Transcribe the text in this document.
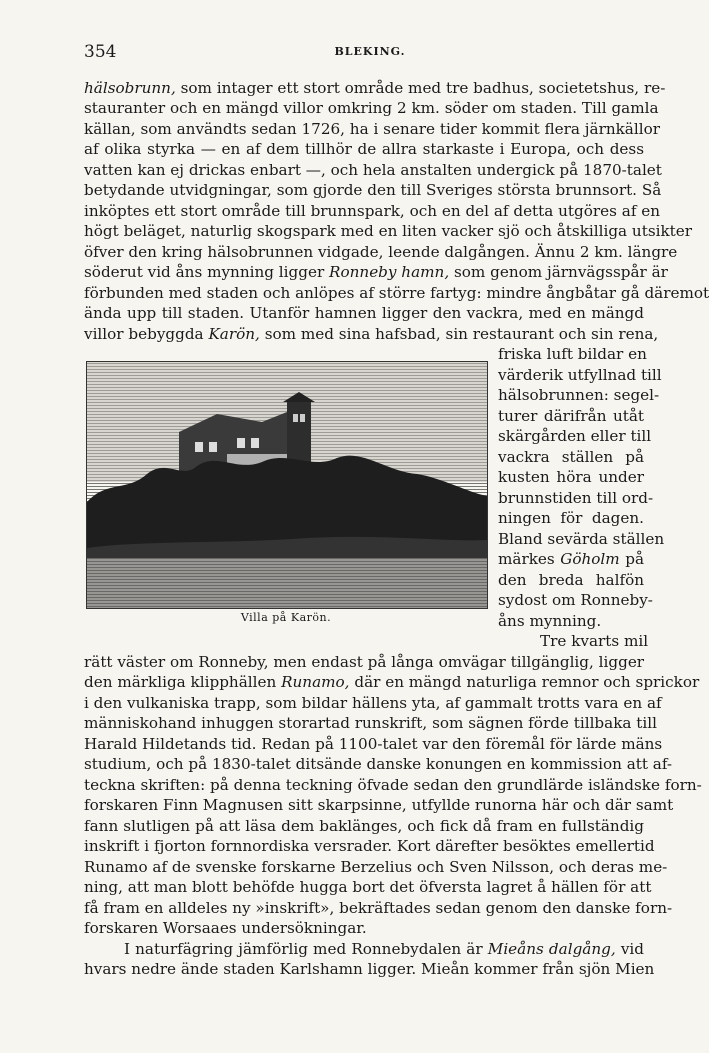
354	BLEKING.
hälsobrunn, som intager ett stort område med tre badhus, societetshus, re-
stauranter och en mängd villor omkring 2 km. söder om staden. Till gamla
källan, som användts sedan 1726, ha i senare tider kommit flera järnkällor
af olika styrka — en af dem tillhör de allra starkaste i Europa, och dess
vatten kan ej drickas enbart —, och hela anstalten undergick på 1870-talet
betydande utvidgningar, som gjorde den till Sveriges största brunnsort. Så
inköptes ett stort område till brunnspark, och en del af detta utgöres af en
högt beläget, naturlig skogspark med en liten vacker sjö och åtskilliga utsikter
öfver den kring hälsobrunnen vidgade, leende dalgången. Ännu 2 km. längre
söderut vid åns mynning ligger Ronneby hamn, som genom järnvägsspår är
förbunden med staden och anlöpes af större fartyg: mindre ångbåtar gå däremot
ända upp till staden. Utanför hamnen ligger den vackra, med en mängd
villor bebyggda Karön, som med sina hafsbad, sin restaurant och sin rena,
Villa på Karön.
friska luft bildar en
värderik utfyllnad till
hälsobrunnen: segel-
turer därifrån utåt
skärgården eller till
vackra ställen på
kusten höra under
brunnstiden till ord-
ningen för dagen.
Bland sevärda ställen
märkes Göholm på
den breda halfön
sydost om Ronneby-
åns mynning.
Tre kvarts mil
rätt väster om Ronneby, men endast på långa omvägar tillgänglig, ligger
den märkliga klipphällen Runamo, där en mängd naturliga remnor och sprickor
i den vulkaniska trapp, som bildar hällens yta, af gammalt trotts vara en af
människohand inhuggen storartad runskrift, som sägnen förde tillbaka till
Harald Hildetands tid. Redan på 1100-talet var den föremål för lärde mäns
studium, och på 1830-talet ditsände danske konungen en kommission att af-
teckna skriften: på denna teckning öfvade sedan den grundlärde isländske forn-
forskaren Finn Magnusen sitt skarpsinne, utfyllde runorna här och där samt
fann slutligen på att läsa dem baklänges, och fick då fram en fullständig
inskrift i fjorton fornnordiska versrader. Kort därefter besöktes emellertid
Runamo af de svenske forskarne Berzelius och Sven Nilsson, och deras me-
ning, att man blott behöfde hugga bort det öfversta lagret å hällen för att
få fram en alldeles ny »inskrift», bekräftades sedan genom den danske forn-
forskaren Worsaaes undersökningar.
I naturfägring jämförlig med Ronnebydalen är Mieåns dalgång, vid
hvars nedre ände staden Karlshamn ligger. Mieån kommer från sjön Mien
